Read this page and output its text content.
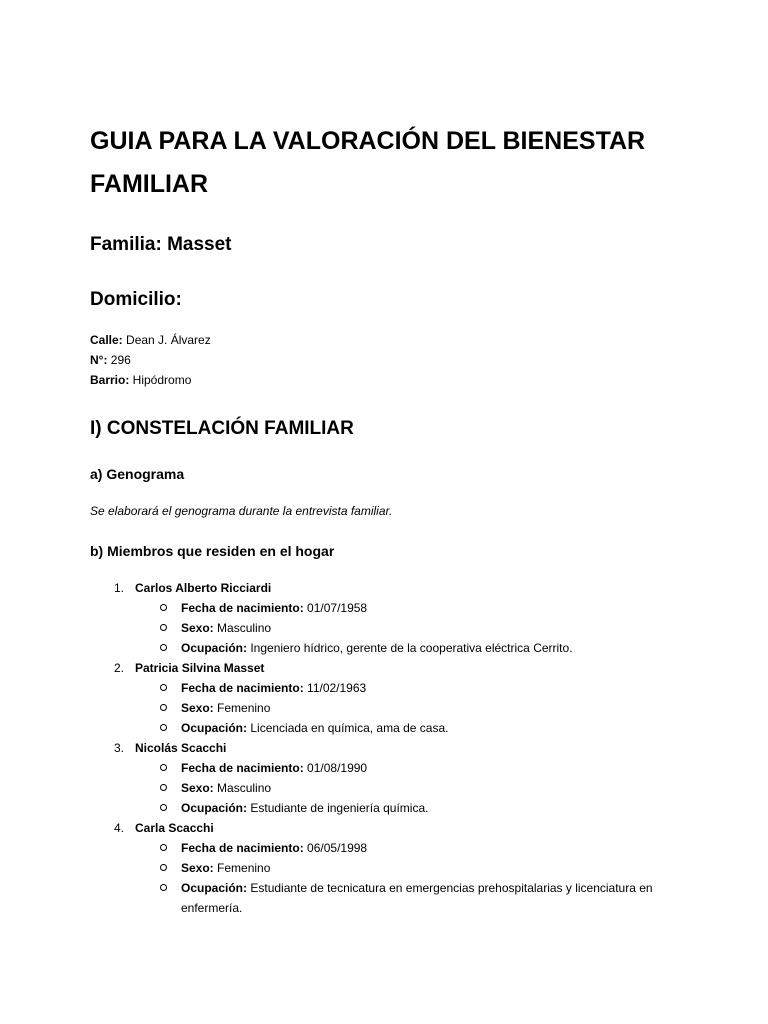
GUIA PARA LA VALORACIÓN DEL BIENESTAR FAMILIAR
Familia: Masset
Domicilio:
Calle: Dean J. Álvarez
N°: 296
Barrio: Hipódromo
I) CONSTELACIÓN FAMILIAR
a) Genograma
Se elaborará el genograma durante la entrevista familiar.
b) Miembros que residen en el hogar
1. Carlos Alberto Ricciardi
Fecha de nacimiento: 01/07/1958
Sexo: Masculino
Ocupación: Ingeniero hídrico, gerente de la cooperativa eléctrica Cerrito.
2. Patricia Silvina Masset
Fecha de nacimiento: 11/02/1963
Sexo: Femenino
Ocupación: Licenciada en química, ama de casa.
3. Nicolás Scacchi
Fecha de nacimiento: 01/08/1990
Sexo: Masculino
Ocupación: Estudiante de ingeniería química.
4. Carla Scacchi
Fecha de nacimiento: 06/05/1998
Sexo: Femenino
Ocupación: Estudiante de tecnicatura en emergencias prehospitalarias y licenciatura en enfermería.
